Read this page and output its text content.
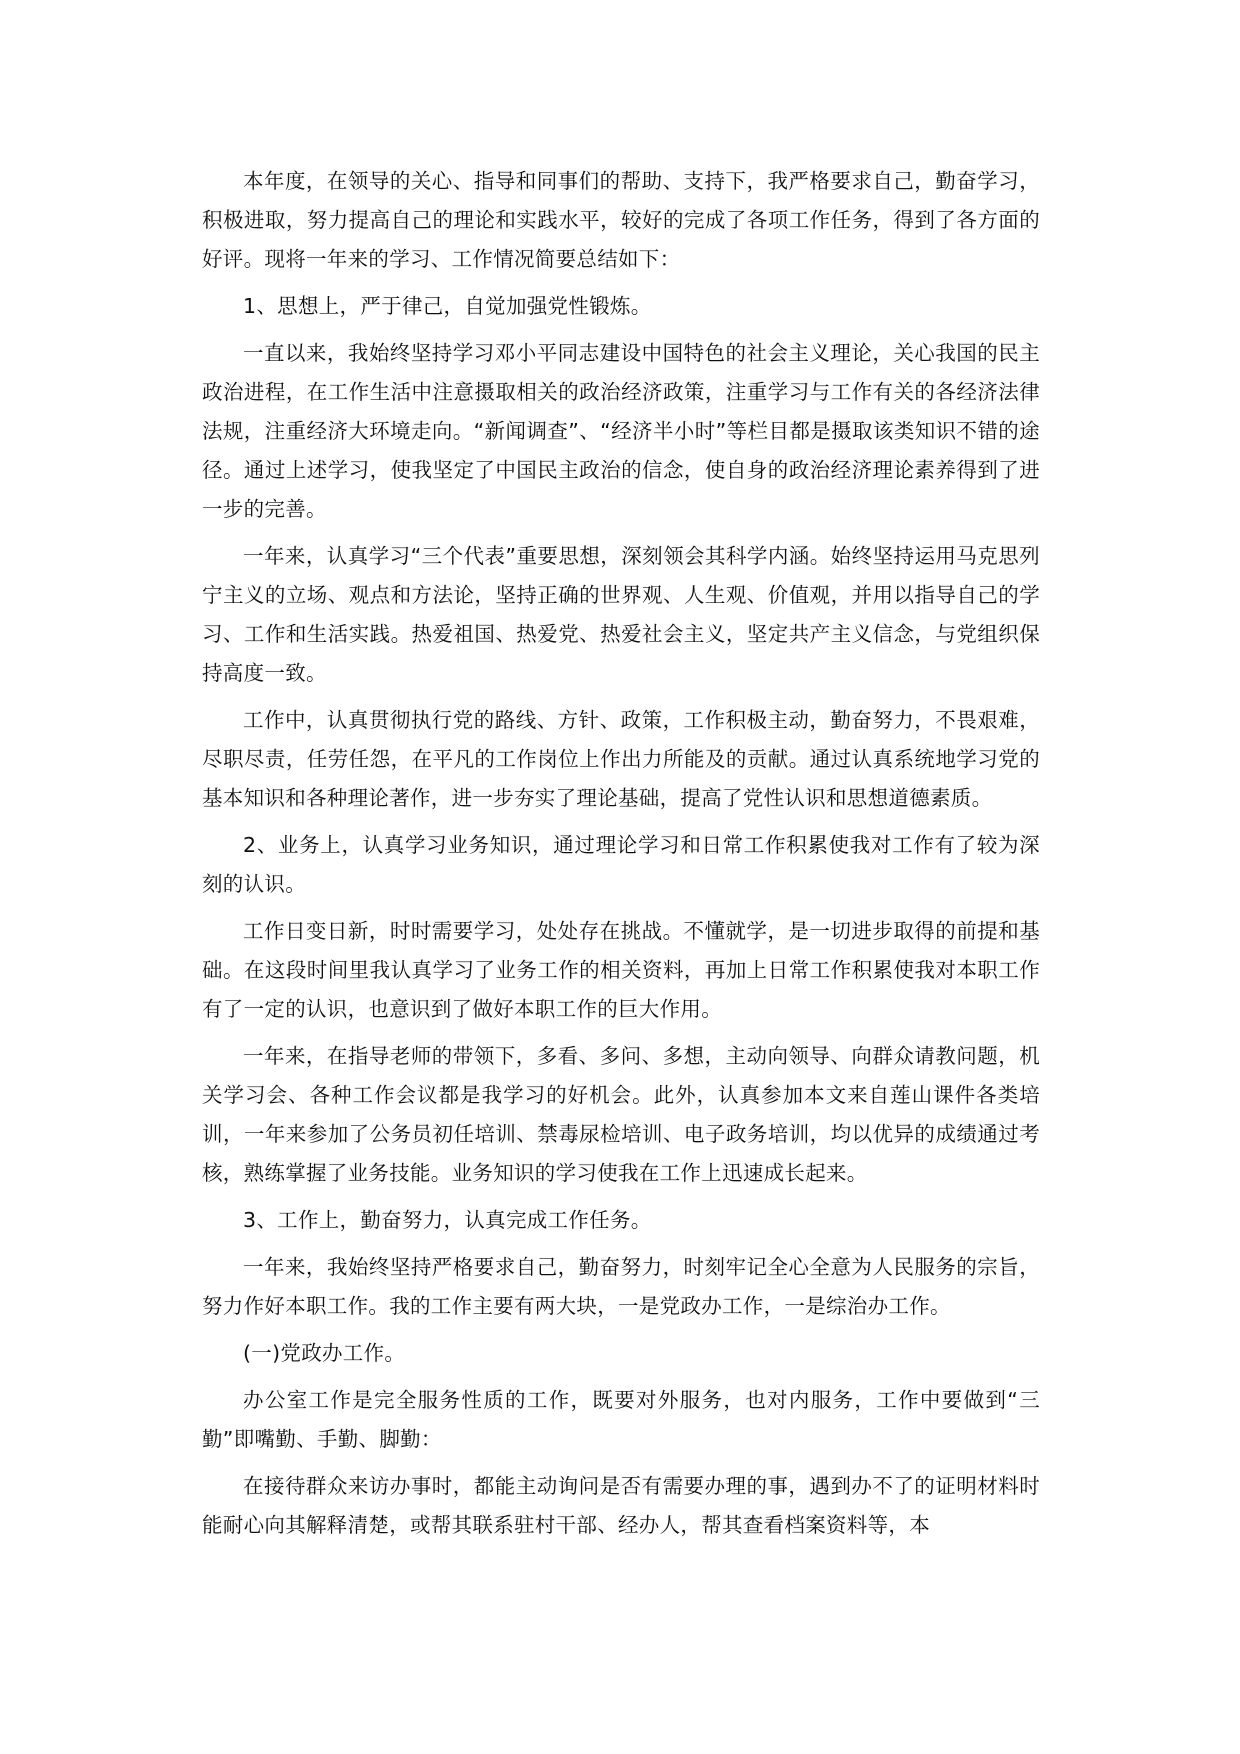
本年度，在领导的关心、指导和同事们的帮助、支持下，我严格要求自己，勤奋学习，积极进取，努力提高自己的理论和实践水平，较好的完成了各项工作任务，得到了各方面的好评。现将一年来的学习、工作情况简要总结如下：

1、思想上，严于律己，自觉加强党性锻炼。

一直以来，我始终坚持学习邓小平同志建设中国特色的社会主义理论，关心我国的民主政治进程，在工作生活中注意摄取相关的政治经济政策，注重学习与工作有关的各经济法律法规，注重经济大环境走向。“新闻调查”、“经济半小时”等栏目都是摄取该类知识不错的途径。通过上述学习，使我坚定了中国民主政治的信念，使自身的政治经济理论素养得到了进一步的完善。

一年来，认真学习“三个代表”重要思想，深刻领会其科学内涵。始终坚持运用马克思列宁主义的立场、观点和方法论，坚持正确的世界观、人生观、价值观，并用以指导自己的学习、工作和生活实践。热爱祖国、热爱党、热爱社会主义，坚定共产主义信念，与党组织保持高度一致。

工作中，认真贯彻执行党的路线、方针、政策，工作积极主动，勤奋努力，不畏艰难，尽职尽责，任劳任怨，在平凡的工作岗位上作出力所能及的贡献。通过认真系统地学习党的基本知识和各种理论著作，进一步夯实了理论基础，提高了党性认识和思想道德素质。

2、业务上，认真学习业务知识，通过理论学习和日常工作积累使我对工作有了较为深刻的认识。

工作日变日新，时时需要学习，处处存在挑战。不懂就学，是一切进步取得的前提和基础。在这段时间里我认真学习了业务工作的相关资料，再加上日常工作积累使我对本职工作有了一定的认识，也意识到了做好本职工作的巨大作用。

一年来，在指导老师的带领下，多看、多问、多想，主动向领导、向群众请教问题，机关学习会、各种工作会议都是我学习的好机会。此外，认真参加本文来自莲山课件各类培训，一年来参加了公务员初任培训、禁毒尿检培训、电子政务培训，均以优异的成绩通过考核，熟练掌握了业务技能。业务知识的学习使我在工作上迅速成长起来。

3、工作上，勤奋努力，认真完成工作任务。

一年来，我始终坚持严格要求自己，勤奋努力，时刻牢记全心全意为人民服务的宗旨，努力作好本职工作。我的工作主要有两大块，一是党政办工作，一是综治办工作。

(一)党政办工作。

办公室工作是完全服务性质的工作，既要对外服务，也对内服务，工作中要做到“三勤”即嘴勤、手勤、脚勤：

在接待群众来访办事时，都能主动询问是否有需要办理的事，遇到办不了的证明材料时能耐心向其解释清楚，或帮其联系驻村干部、经办人，帮其查看档案资料等，本
